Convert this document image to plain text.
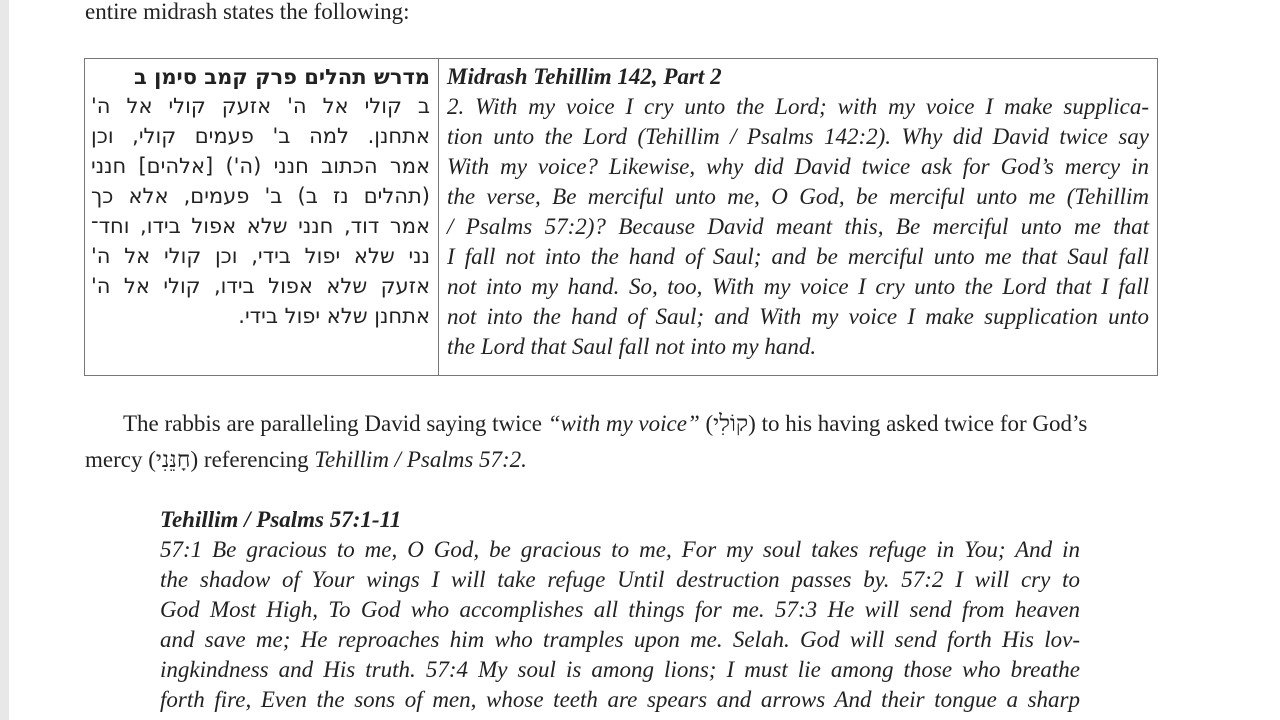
entire midrash states the following:

מדרש תהלים פרק קמב סימן ב
ב קולי אל ה' אזעק קולי אל ה'
אתחנן. למה ב' פעמים קולי, וכן
אמר הכתוב חנני (ה') [אלהים] חנני
(תהלים נז ב) ב' פעמים, אלא כך
אמר דוד, חנני שלא אפול בידו, וחד־
נני שלא יפול בידי, וכן קולי אל ה'
אזעק שלא אפול בידו, קולי אל ה'
אתחנן שלא יפול בידי.

Midrash Tehillim 142, Part 2
2. With my voice I cry unto the Lord; with my voice I make supplica-
tion unto the Lord (Tehillim / Psalms 142:2). Why did David twice say
With my voice? Likewise, why did David twice ask for God’s mercy in
the verse, Be merciful unto me, O God, be merciful unto me (Tehillim
/ Psalms 57:2)? Because David meant this, Be merciful unto me that
I fall not into the hand of Saul; and be merciful unto me that Saul fall
not into my hand. So, too, With my voice I cry unto the Lord that I fall
not into the hand of Saul; and With my voice I make supplication unto
the Lord that Saul fall not into my hand.
The rabbis are paralleling David saying twice “with my voice” (קוֹלִי) to his having asked twice for God’s
mercy (חָנֵּנִי) referencing Tehillim / Psalms 57:2.
Tehillim / Psalms 57:1-11
57:1 Be gracious to me, O God, be gracious to me, For my soul takes refuge in You; And in
the shadow of Your wings I will take refuge Until destruction passes by. 57:2 I will cry to
God Most High, To God who accomplishes all things for me. 57:3 He will send from heaven
and save me; He reproaches him who tramples upon me. Selah. God will send forth His lov-
ingkindness and His truth. 57:4 My soul is among lions; I must lie among those who breathe
forth fire, Even the sons of men, whose teeth are spears and arrows And their tongue a sharp
